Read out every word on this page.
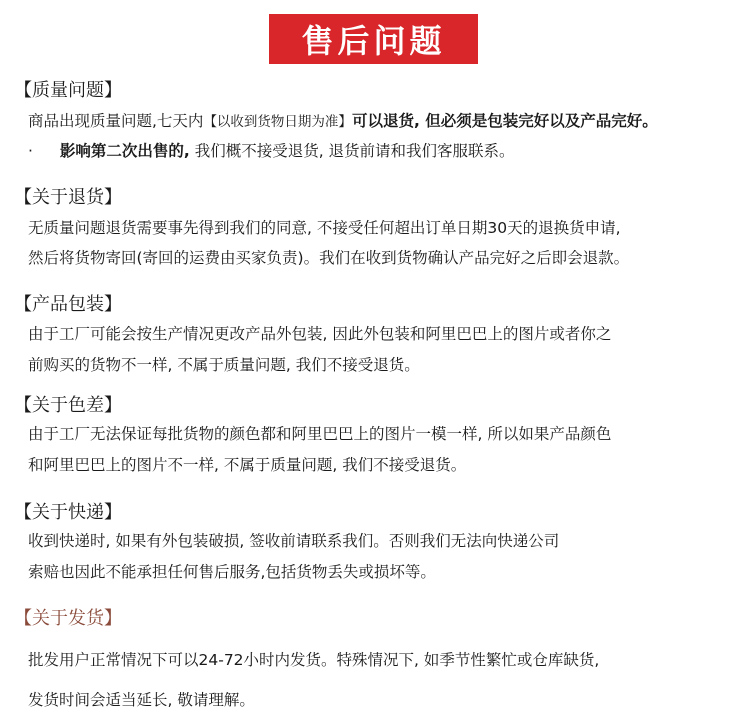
售后问题
【质量问题】
商品出现质量问题,七天内【以收到货物日期为准】可以退货, 但必须是包装完好以及产品完好。
· 影响第二次出售的, 我们概不接受退货, 退货前请和我们客服联系。
【关于退货】
无质量问题退货需要事先得到我们的同意, 不接受任何超出订单日期30天的退换货申请,
然后将货物寄回(寄回的运费由买家负责)。我们在收到货物确认产品完好之后即会退款。
【产品包装】
由于工厂可能会按生产情况更改产品外包装, 因此外包装和阿里巴巴上的图片或者你之
前购买的货物不一样, 不属于质量问题, 我们不接受退货。
【关于色差】
由于工厂无法保证每批货物的颜色都和阿里巴巴上的图片一模一样, 所以如果产品颜色
和阿里巴巴上的图片不一样, 不属于质量问题, 我们不接受退货。
【关于快递】
收到快递时, 如果有外包装破损, 签收前请联系我们。否则我们无法向快递公司
索赔也因此不能承担任何售后服务,包括货物丢失或损坏等。
【关于发货】
批发用户正常情况下可以24-72小时内发货。特殊情况下, 如季节性繁忙或仓库缺货,
发货时间会适当延长, 敬请理解。
